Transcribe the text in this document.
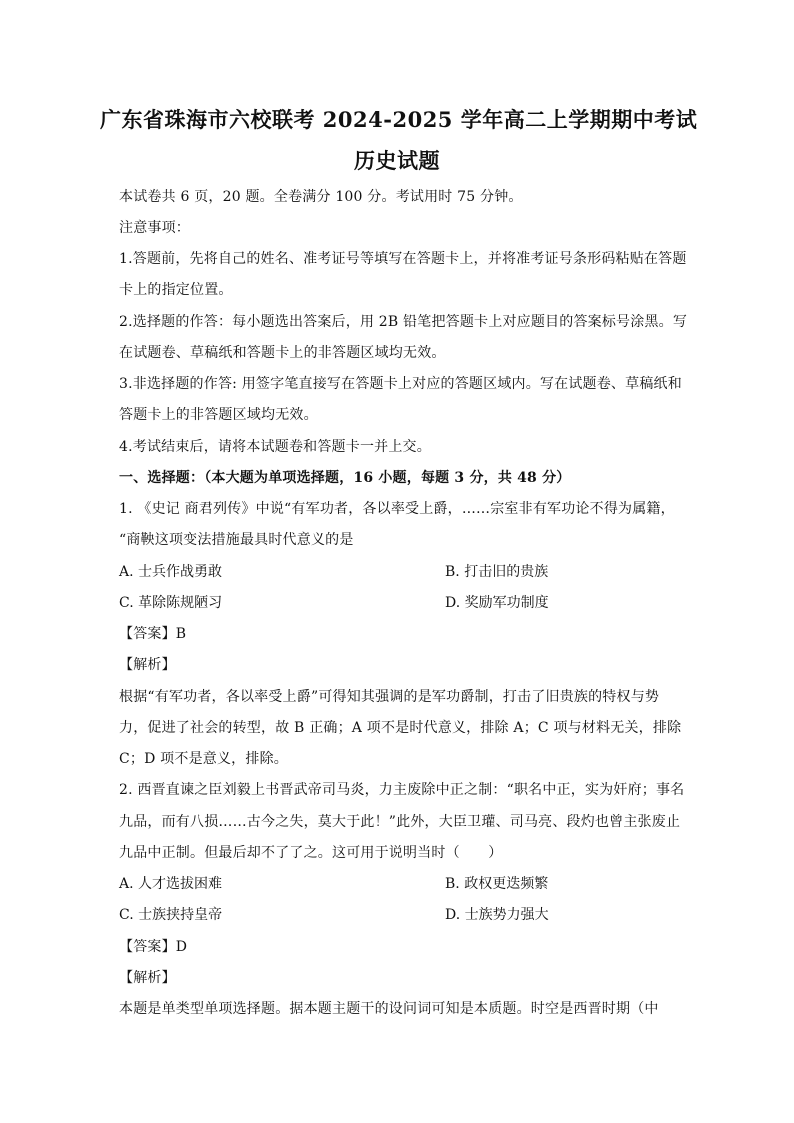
广东省珠海市六校联考 2024-2025 学年高二上学期期中考试
历史试题
本试卷共 6 页，20 题。全卷满分 100 分。考试用时 75 分钟。
注意事项：
1.答题前，先将自己的姓名、准考证号等填写在答题卡上，并将准考证号条形码粘贴在答题
卡上的指定位置。
2.选择题的作答：每小题选出答案后，用 2B 铅笔把答题卡上对应题目的答案标号涂黑。写
在试题卷、草稿纸和答题卡上的非答题区域均无效。
3.非选择题的作答: 用签字笔直接写在答题卡上对应的答题区域内。写在试题卷、草稿纸和
答题卡上的非答题区域均无效。
4.考试结束后，请将本试题卷和答题卡一并上交。
一、选择题：（本大题为单项选择题，16 小题，每题 3 分，共 48 分）
1. 《史记 商君列传》中说“有军功者，各以率受上爵，……宗室非有军功论不得为属籍，
“商鞅这项变法措施最具时代意义的是
A. 士兵作战勇敢	B. 打击旧的贵族
C. 革除陈规陋习	D. 奖励军功制度
【答案】B
【解析】
根据“有军功者，各以率受上爵”可得知其强调的是军功爵制，打击了旧贵族的特权与势
力，促进了社会的转型，故 B 正确；A 项不是时代意义，排除 A；C 项与材料无关，排除
C；D 项不是意义，排除。
2. 西晋直谏之臣刘毅上书晋武帝司马炎，力主废除中正之制：“职名中正，实为奸府；事名
九品，而有八损……古今之失，莫大于此！”此外，大臣卫瓘、司马亮、段灼也曾主张废止
九品中正制。但最后却不了了之。这可用于说明当时（　　）
A. 人才选拔困难	B. 政权更迭频繁
C. 士族挟持皇帝	D. 士族势力强大
【答案】D
【解析】
本题是单类型单项选择题。据本题主题干的设问词可知是本质题。时空是西晋时期（中
